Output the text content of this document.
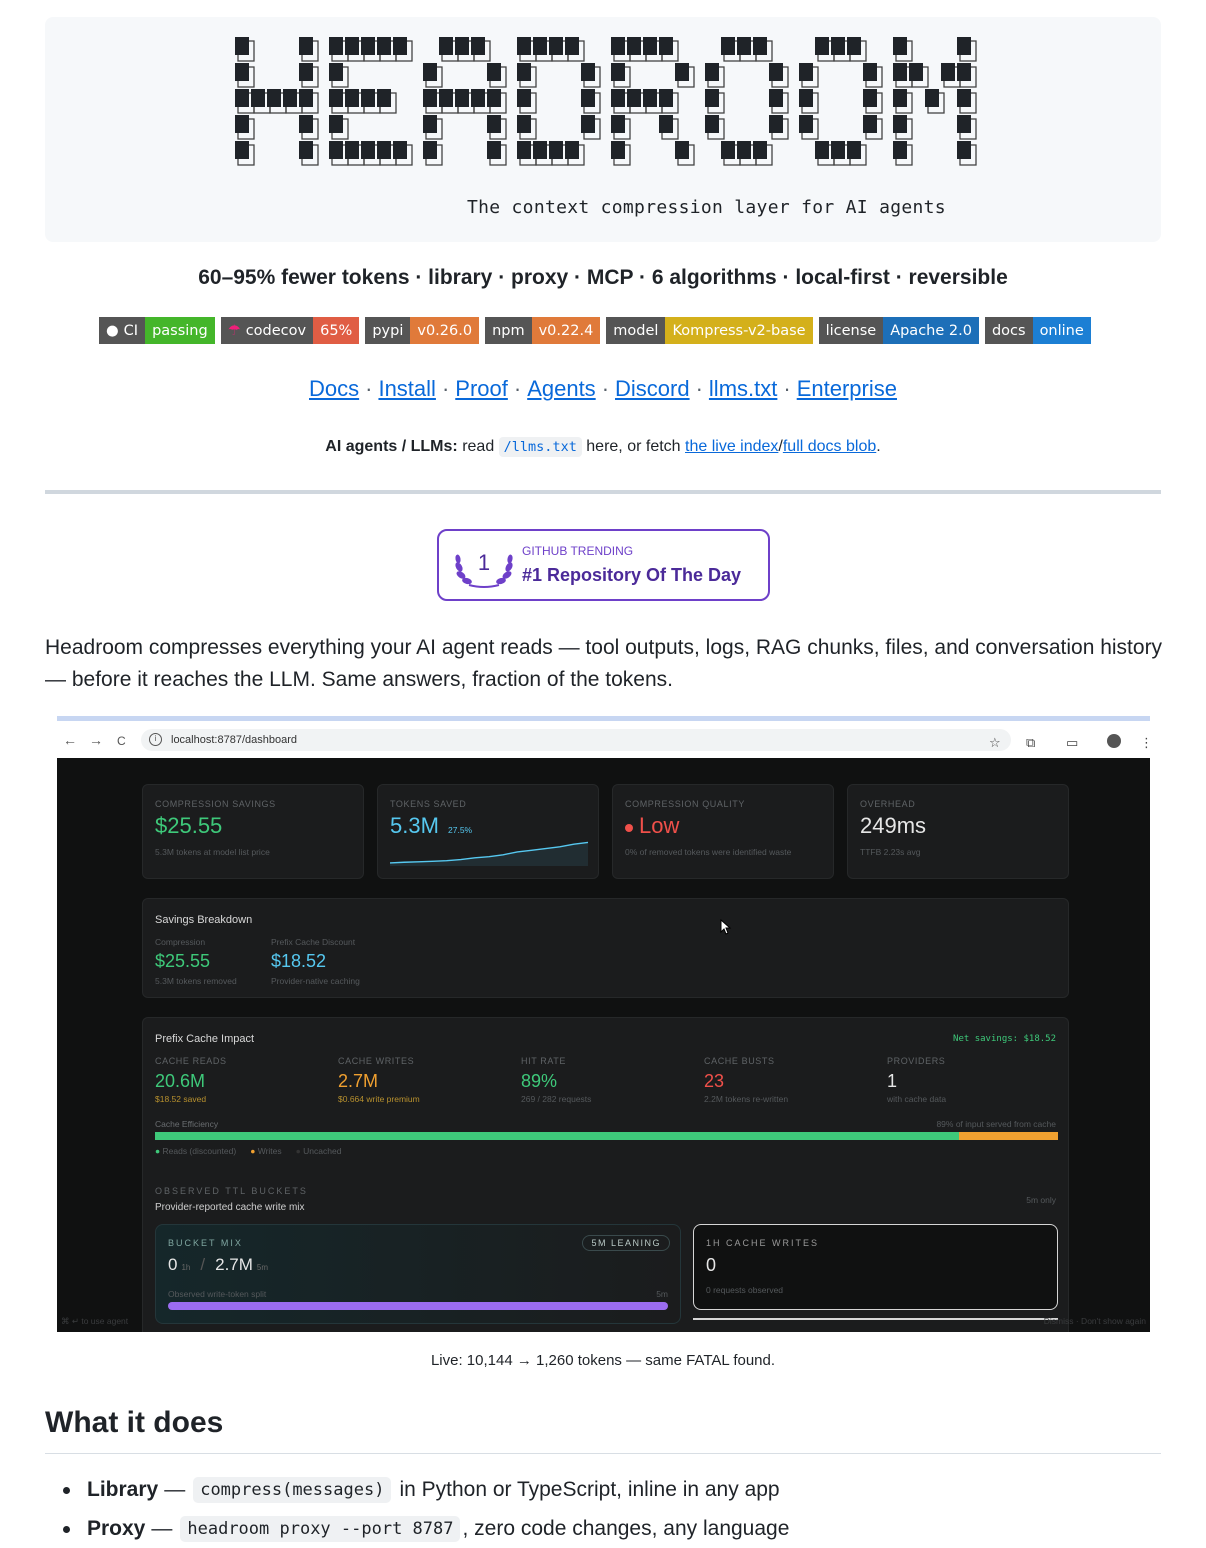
The context compression layer for AI agents
60–95% fewer tokens · library · proxy · MCP · 6 algorithms · local-first · reversible
● CI passing	☂ codecov 65%	pypi v0.26.0	npm v0.22.4	model Kompress-v2-base	license Apache 2.0	docs online
Docs · Install · Proof · Agents · Discord · llms.txt · Enterprise
AI agents / LLMs: read /llms.txt here, or fetch the live index/full docs blob.
1	GITHUB TRENDING
#1 Repository Of The Day
Headroom compresses everything your AI agent reads — tool outputs, logs, RAG chunks, files, and conversation history — before it reaches the LLM. Same answers, fraction of the tokens.
← → C	i	localhost:8787/dashboard	☆ ⧉ ▭	⋮
COMPRESSION SAVINGS
$25.55
5.3M tokens at model list price
TOKENS SAVED
5.3M 27.5%
COMPRESSION QUALITY
Low
0% of removed tokens were identified waste
OVERHEAD
249ms
TTFB 2.23s avg
Savings Breakdown
Compression
$25.55
5.3M tokens removed
Prefix Cache Discount
$18.52
Provider-native caching
Prefix Cache Impact	Net savings: $18.52
CACHE READS
20.6M
$18.52 saved
CACHE WRITES
2.7M
$0.664 write premium
HIT RATE
89%
269 / 282 requests
CACHE BUSTS
23
2.2M tokens re-written
PROVIDERS
1
with cache data
Cache Efficiency	89% of input served from cache
● Reads (discounted) ● Writes ● Uncached
OBSERVED TTL BUCKETS
Provider-reported cache write mix
5m only
BUCKET MIX	5M LEANING
0 1h / 2.7M 5m
Observed write-token split	5m
1H CACHE WRITES
0
0 requests observed
⌘ ↵ to use agent	Dismiss · Don't show again
Live: 10,144 → 1,260 tokens — same FATAL found.
What it does
Library — compress(messages) in Python or TypeScript, inline in any app
Proxy — headroom proxy --port 8787 , zero code changes, any language
